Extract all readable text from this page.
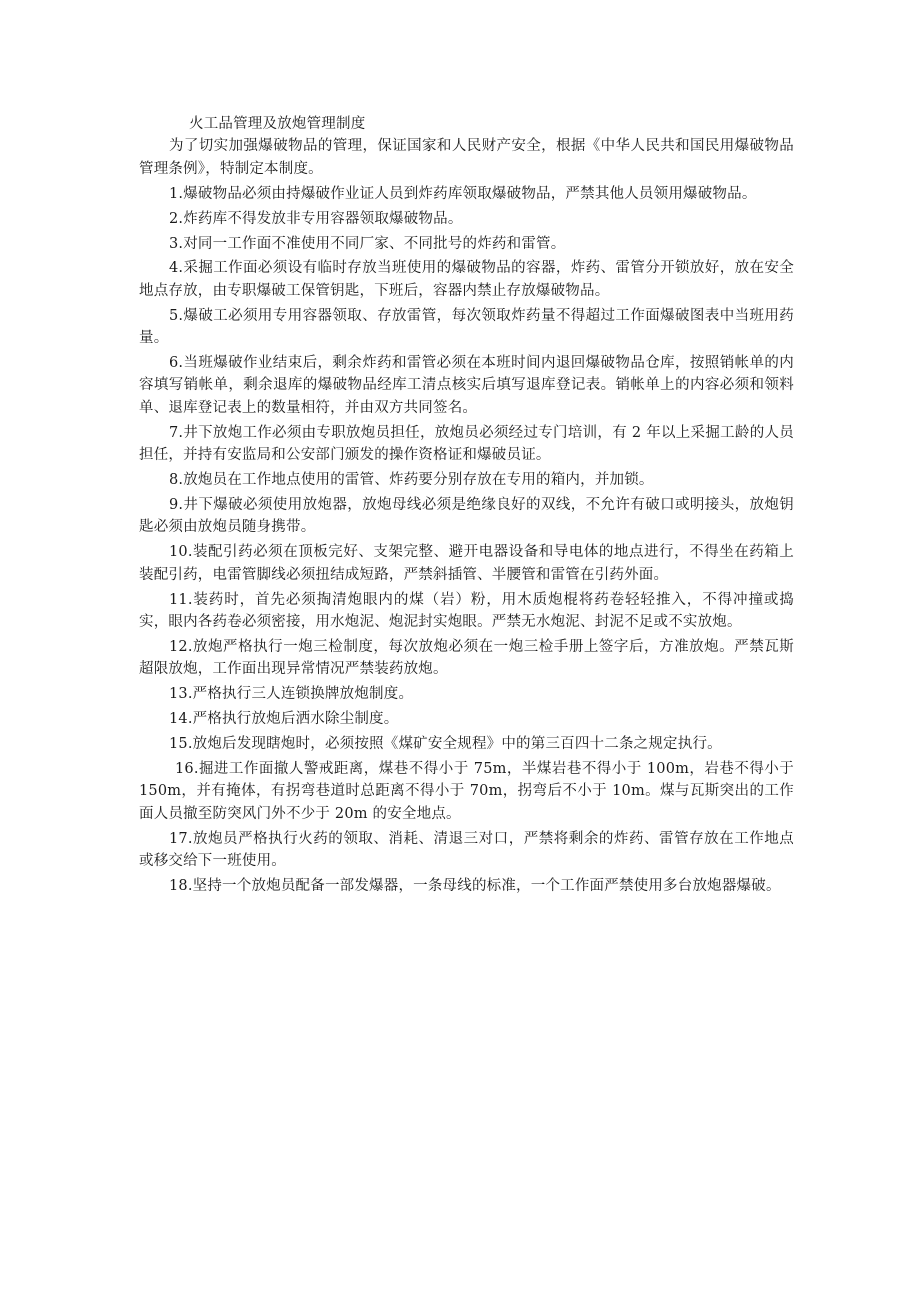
火工品管理及放炮管理制度

为了切实加强爆破物品的管理，保证国家和人民财产安全，根据《中华人民共和国民用爆破物品管理条例》，特制定本制度。

1.爆破物品必须由持爆破作业证人员到炸药库领取爆破物品，严禁其他人员领用爆破物品。

2.炸药库不得发放非专用容器领取爆破物品。

3.对同一工作面不准使用不同厂家、不同批号的炸药和雷管。

4.采掘工作面必须设有临时存放当班使用的爆破物品的容器，炸药、雷管分开锁放好，放在安全地点存放，由专职爆破工保管钥匙，下班后，容器内禁止存放爆破物品。

5.爆破工必须用专用容器领取、存放雷管，每次领取炸药量不得超过工作面爆破图表中当班用药量。

6.当班爆破作业结束后，剩余炸药和雷管必须在本班时间内退回爆破物品仓库，按照销帐单的内容填写销帐单，剩余退库的爆破物品经库工清点核实后填写退库登记表。销帐单上的内容必须和领料单、退库登记表上的数量相符，并由双方共同签名。

7.井下放炮工作必须由专职放炮员担任，放炮员必须经过专门培训，有 2 年以上采掘工龄的人员担任，并持有安监局和公安部门颁发的操作资格证和爆破员证。

8.放炮员在工作地点使用的雷管、炸药要分别存放在专用的箱内，并加锁。

9.井下爆破必须使用放炮器，放炮母线必须是绝缘良好的双线，不允许有破口或明接头，放炮钥匙必须由放炮员随身携带。

10.装配引药必须在顶板完好、支架完整、避开电器设备和导电体的地点进行，不得坐在药箱上装配引药，电雷管脚线必须扭结成短路，严禁斜插管、半腰管和雷管在引药外面。

11.装药时，首先必须掏清炮眼内的煤（岩）粉，用木质炮棍将药卷轻轻推入，不得冲撞或捣实，眼内各药卷必须密接，用水炮泥、炮泥封实炮眼。严禁无水炮泥、封泥不足或不实放炮。

12.放炮严格执行一炮三检制度，每次放炮必须在一炮三检手册上签字后，方准放炮。严禁瓦斯超限放炮，工作面出现异常情况严禁装药放炮。

13.严格执行三人连锁换牌放炮制度。

14.严格执行放炮后洒水除尘制度。

15.放炮后发现瞎炮时，必须按照《煤矿安全规程》中的第三百四十二条之规定执行。

16.掘进工作面撤人警戒距离，煤巷不得小于 75m，半煤岩巷不得小于 100m，岩巷不得小于 150m，并有掩体，有拐弯巷道时总距离不得小于 70m，拐弯后不小于 10m。煤与瓦斯突出的工作面人员撤至防突风门外不少于 20m 的安全地点。

17.放炮员严格执行火药的领取、消耗、清退三对口，严禁将剩余的炸药、雷管存放在工作地点或移交给下一班使用。

18.坚持一个放炮员配备一部发爆器，一条母线的标准，一个工作面严禁使用多台放炮器爆破。
